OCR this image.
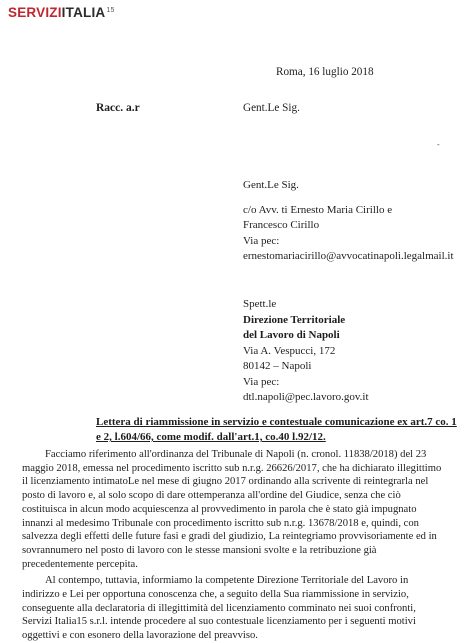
SERVIZIITALIA$^{15}$
Roma, 16 luglio 2018
Racc. a.r	Gent.Le Sig.
-
Gent.Le Sig.
c/o Avv. ti Ernesto Maria Cirillo e
Francesco Cirillo
Via pec:
ernestomariacirillo@avvocatinapoli.legalmail.it
Spett.le
Direzione Territoriale
del Lavoro di Napoli
Via A. Vespucci, 172
80142 – Napoli
Via pec:
dtl.napoli@pec.lavoro.gov.it
Lettera di riammissione in servizio e contestuale comunicazione ex art.7 co. 1
e 2, l.604/66, come modif. dall'art.1, co.40 l.92/12.

Facciamo riferimento all'ordinanza del Tribunale di Napoli (n. cronol. 11838/2018) del 23
maggio 2018, emessa nel procedimento iscritto sub n.r.g. 26626/2017, che ha dichiarato illegittimo
il licenziamento intimatoLe nel mese di giugno 2017 ordinando alla scrivente di reintegrarla nel
posto di lavoro e, al solo scopo di dare ottemperanza all'ordine del Giudice, senza che ciò
costituisca in alcun modo acquiescenza al provvedimento in parola che è stato già impugnato
innanzi al medesimo Tribunale con procedimento iscritto sub n.r.g. 13678/2018 e, quindi, con
salvezza degli effetti delle future fasi e gradi del giudizio, La reintegriamo provvisoriamente ed in
sovrannumero nel posto di lavoro con le stesse mansioni svolte e la retribuzione già
precedentemente percepita.

Al contempo, tuttavia, informiamo la competente Direzione Territoriale del Lavoro in
indirizzo e Lei per opportuna conoscenza che, a seguito della Sua riammissione in servizio,
conseguente alla declaratoria di illegittimità del licenziamento comminato nei suoi confronti,
Servizi Italia15 s.r.l. intende procedere al suo contestuale licenziamento per i seguenti motivi
oggettivi e con esonero della lavorazione del preavviso.
